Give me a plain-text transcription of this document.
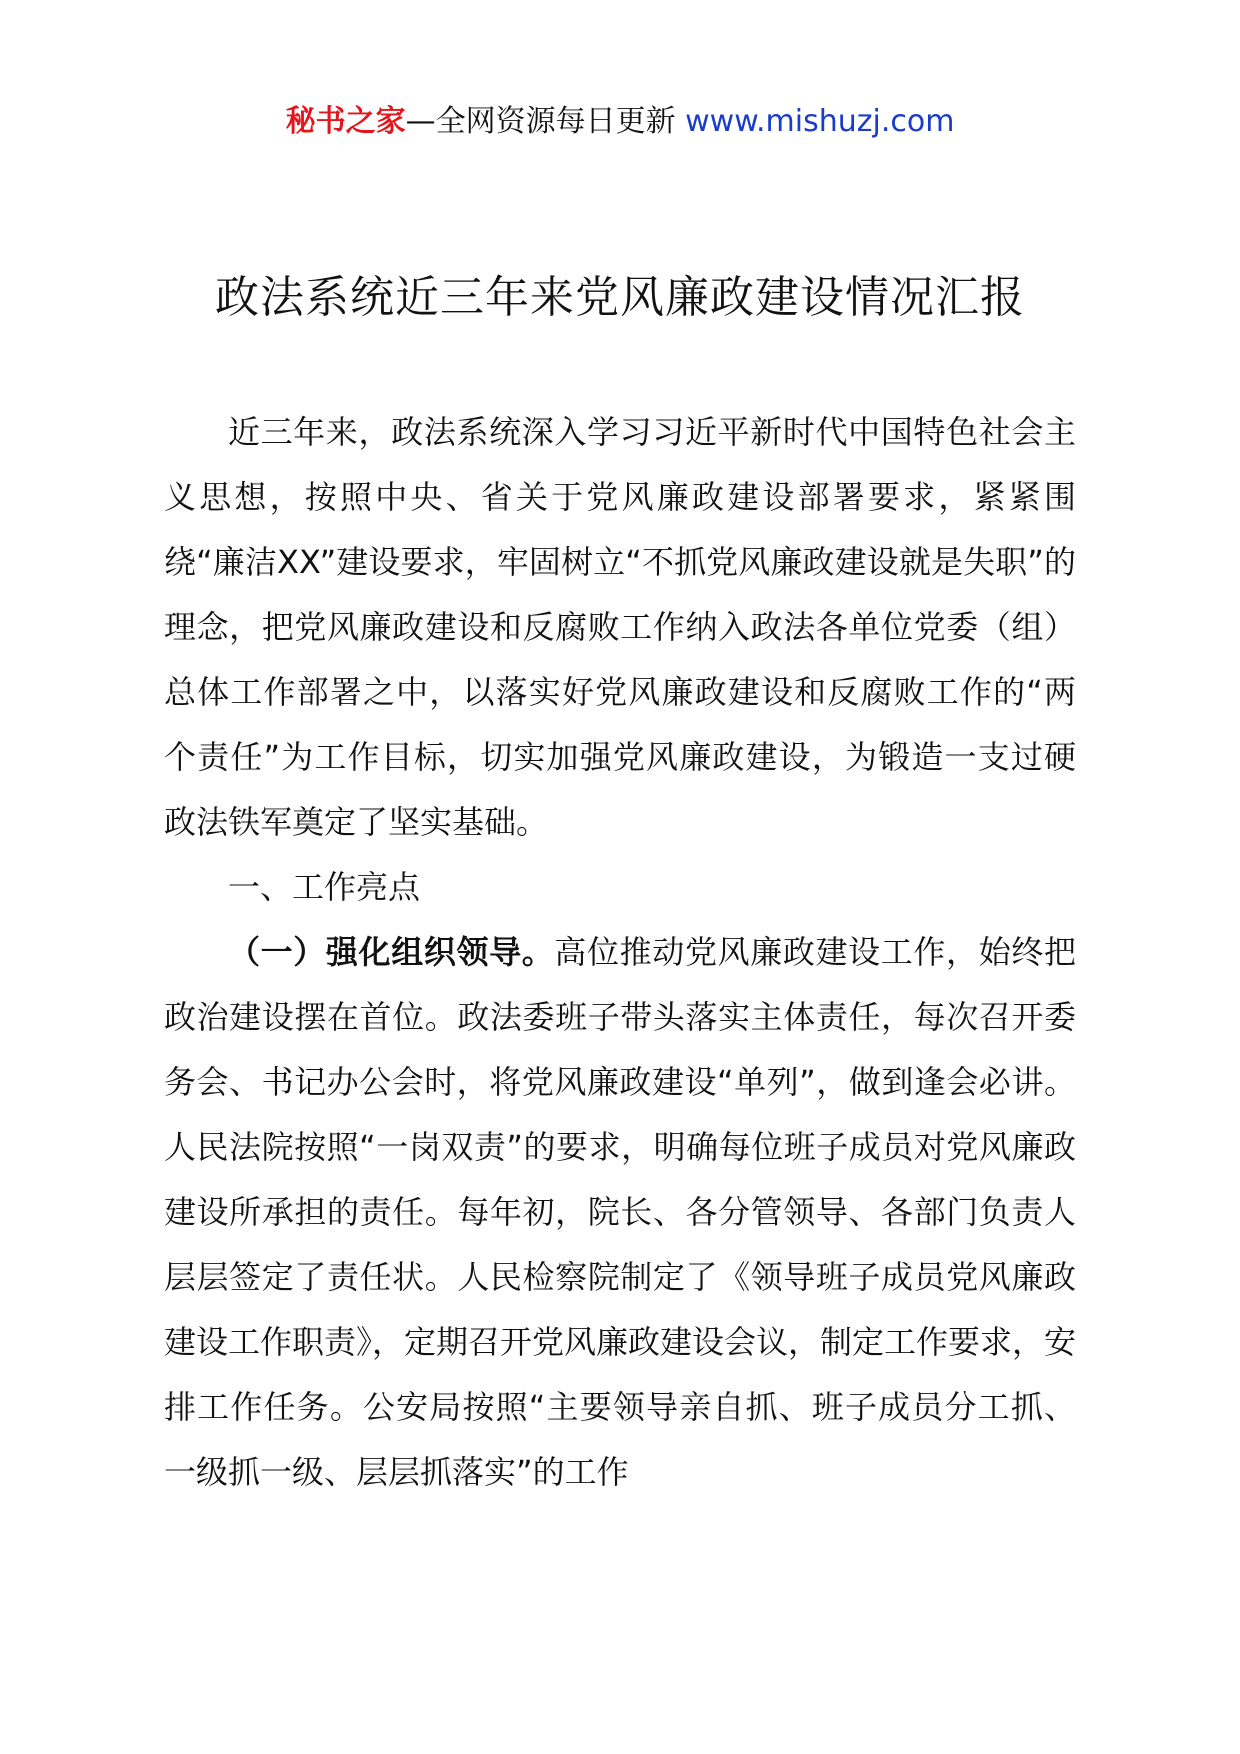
秘书之家—全网资源每日更新 www.mishuzj.com
政法系统近三年来党风廉政建设情况汇报

近三年来，政法系统深入学习习近平新时代中国特色社会主义思想，按照中央、省关于党风廉政建设部署要求，紧紧围绕“廉洁XX”建设要求，牢固树立“不抓党风廉政建设就是失职”的理念，把党风廉政建设和反腐败工作纳入政法各单位党委（组）总体工作部署之中，以落实好党风廉政建设和反腐败工作的“两个责任”为工作目标，切实加强党风廉政建设，为锻造一支过硬政法铁军奠定了坚实基础。

一、工作亮点

（一）强化组织领导。高位推动党风廉政建设工作，始终把政治建设摆在首位。政法委班子带头落实主体责任，每次召开委务会、书记办公会时，将党风廉政建设“单列”，做到逢会必讲。人民法院按照“一岗双责”的要求，明确每位班子成员对党风廉政建设所承担的责任。每年初，院长、各分管领导、各部门负责人层层签定了责任状。人民检察院制定了《领导班子成员党风廉政建设工作职责》，定期召开党风廉政建设会议，制定工作要求，安排工作任务。公安局按照“主要领导亲自抓、班子成员分工抓、一级抓一级、层层抓落实”的工作
